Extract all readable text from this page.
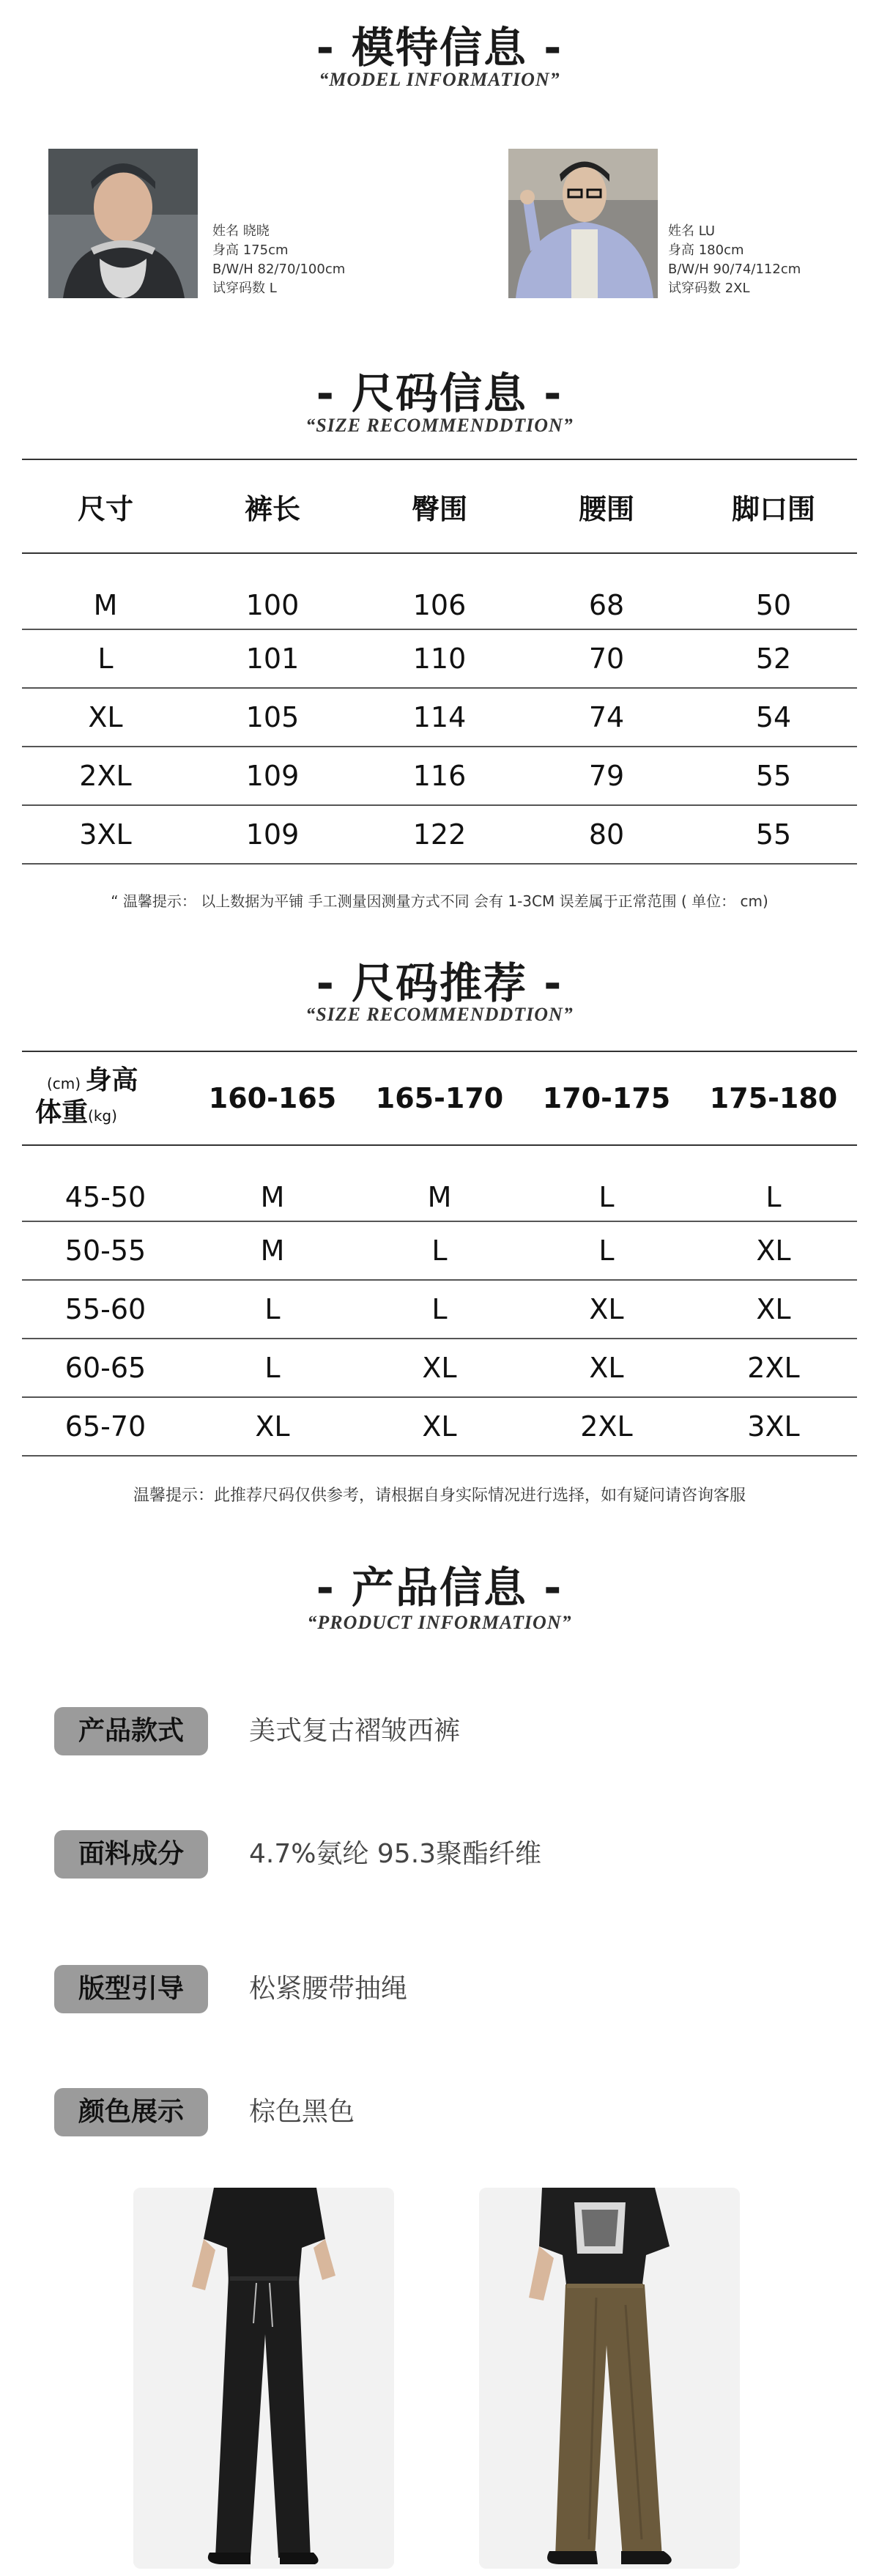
- 模特信息 -
“MODEL INFORMATION”
姓名 晓晓
身高 175cm
B/W/H 82/70/100cm
试穿码数 L
姓名 LU
身高 180cm
B/W/H 90/74/112cm
试穿码数 2XL
- 尺码信息 -
“SIZE RECOMMENDDTION”
尺寸	裤长	臀围	腰围	脚口围
M	100	106	68	50
L	101	110	70	52
XL	105	114	74	54
2XL	109	116	79	55
3XL	109	122	80	55
“ 温馨提示： 以上数据为平铺 手工测量因测量方式不同 会有 1-3CM 误差属于正常范围 ( 单位： cm)
- 尺码推荐 -
“SIZE RECOMMENDDTION”
(cm) 身高
体重(kg)	160-165	165-170	170-175	175-180
45-50	M	M	L	L
50-55	M	L	L	XL
55-60	L	L	XL	XL
60-65	L	XL	XL	2XL
65-70	XL	XL	2XL	3XL
温馨提示：此推荐尺码仅供参考，请根据自身实际情况进行选择，如有疑问请咨询客服
- 产品信息 -
“PRODUCT INFORMATION”
产品款式	美式复古褶皱西裤
面料成分	4.7%氨纶 95.3聚酯纤维
版型引导	松紧腰带抽绳
颜色展示	棕色黑色
